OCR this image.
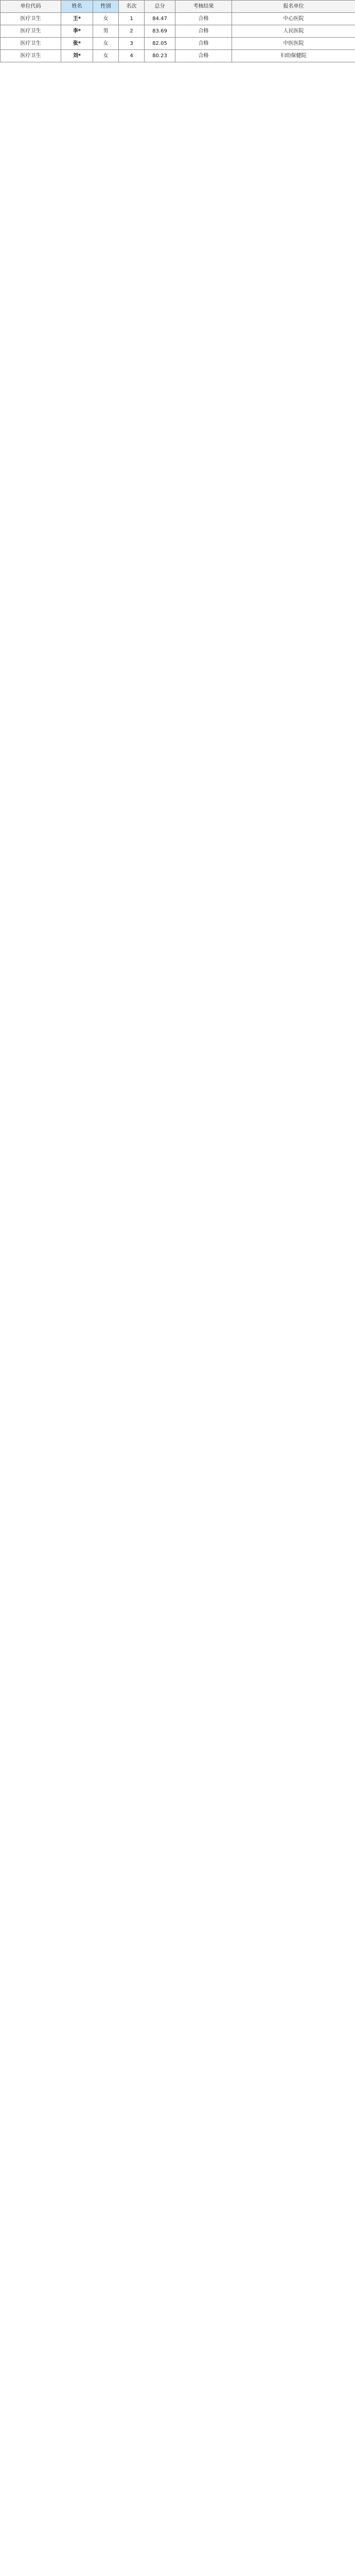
单位代码	姓名	性别	名次	总分	考核结果	报名单位
医疗卫生	王*	女	1	84.47	合格	中心医院
医疗卫生	李*	男	2	83.69	合格	人民医院
医疗卫生	张*	女	3	82.05	合格	中医医院
医疗卫生	刘*	女	4	80.23	合格	妇幼保健院
